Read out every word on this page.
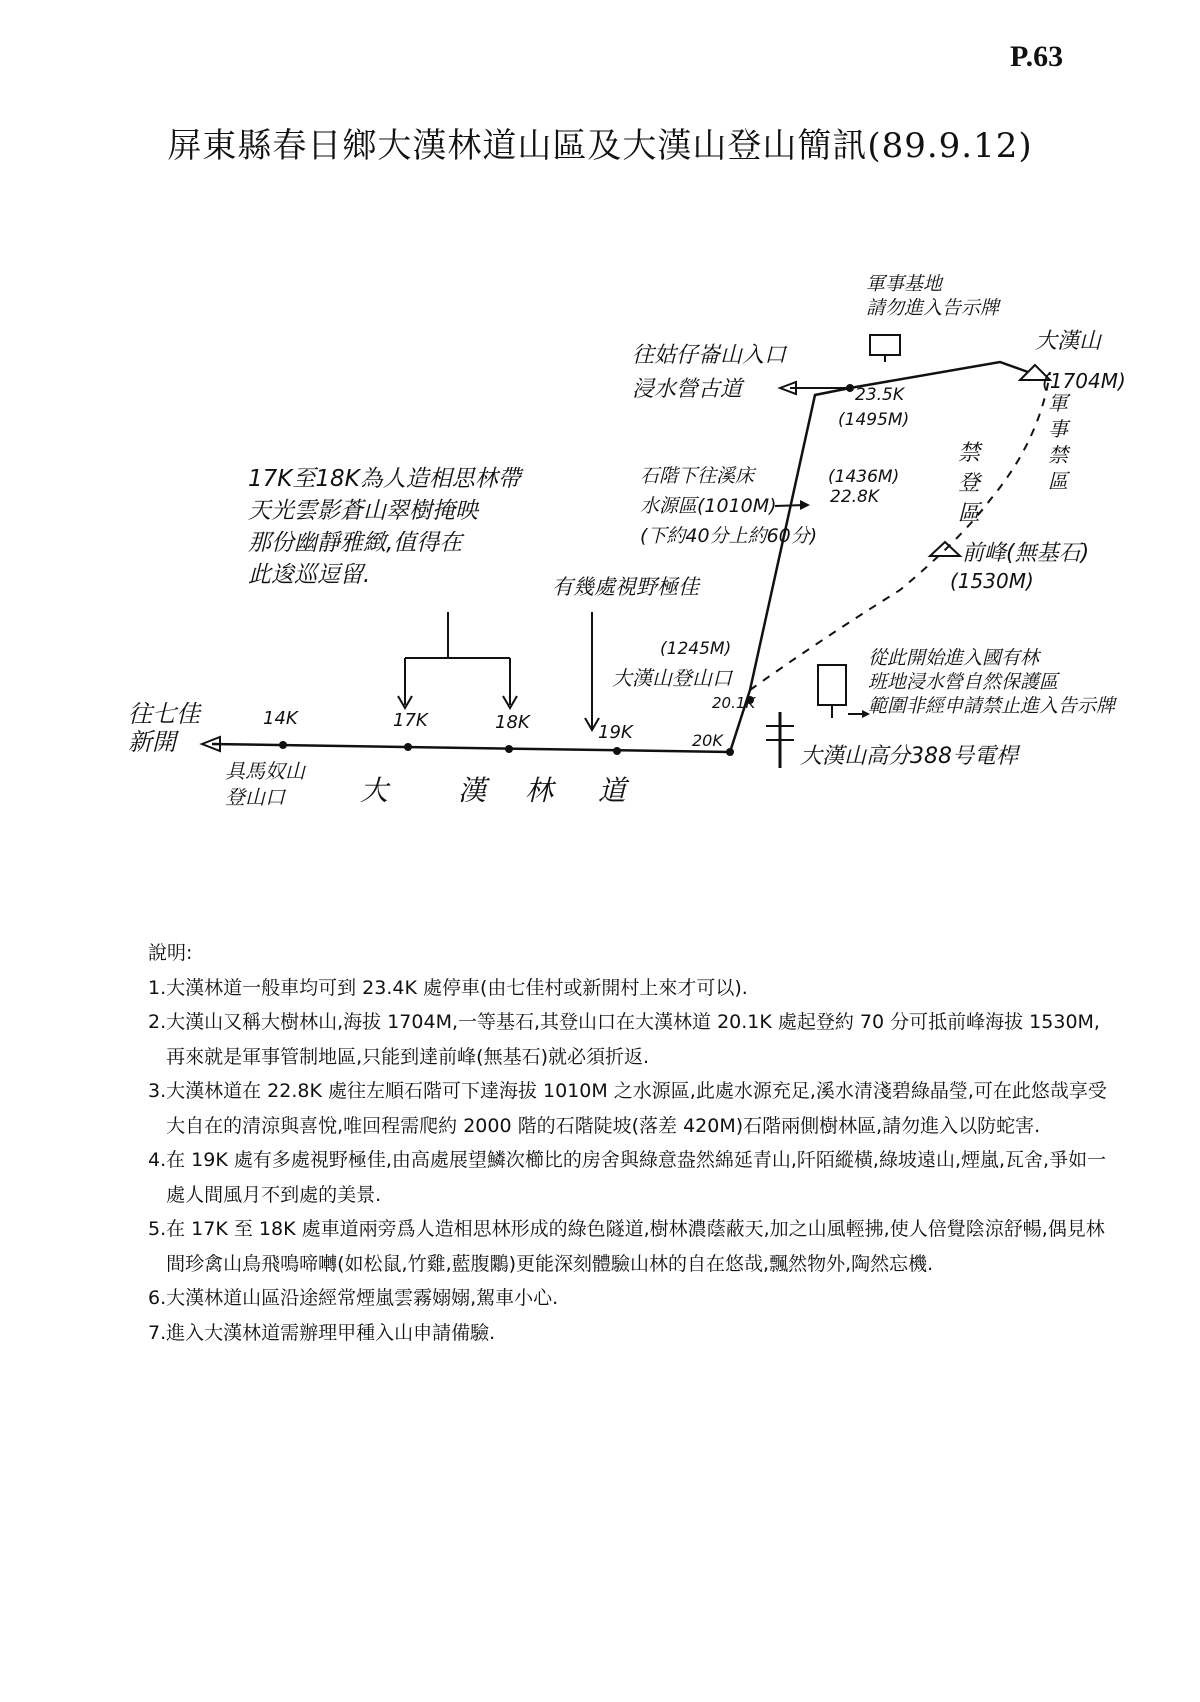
P.63
屏東縣春日鄉大漢林道山區及大漢山登山簡訊(89.9.12)
往七佳新開
14K	17K	18K	19K	20K
20.1K
22.8K
23.5K
大 漢 林 道
具馬奴山登山口
大漢山登山口
(1245M)
(1436M)
(1495M)
石階下往溪床水源區(1010M) (下約40分上約60分)
往姑仔崙山入口浸水營古道
軍事基地請勿進入告示牌
大漢山
(1704M)
前峰(無基石)
(1530M)
從此開始進入國有林班地浸水營自然保護區範圍非經申請禁止進入告示牌
大漢山高分388号電桿
17K至18K為人造相思林帶天光雲影蒼山翠樹掩映那份幽靜雅緻,值得在此逡巡逗留.	有幾處視野極佳
軍事禁區
禁登區
說明:
1. 大漢林道一般車均可到 23.4K 處停車(由七佳村或新開村上來才可以).
2. 大漢山又稱大樹林山,海拔 1704M,一等基石,其登山口在大漢林道 20.1K 處起登約 70 分可抵前峰海拔 1530M,再來就是軍事管制地區,只能到達前峰(無基石)就必須折返.
3. 大漢林道在 22.8K 處往左順石階可下達海拔 1010M 之水源區,此處水源充足,溪水清淺碧綠晶瑩,可在此悠哉享受大自在的清涼與喜悅,唯回程需爬約 2000 階的石階陡坡(落差 420M)石階兩側樹林區,請勿進入以防蛇害.
4. 在 19K 處有多處視野極佳,由高處展望鱗次櫛比的房舍與綠意盎然綿延青山,阡陌縱橫,綠坡遠山,煙嵐,瓦舍,爭如一處人間風月不到處的美景.
5. 在 17K 至 18K 處車道兩旁爲人造相思林形成的綠色隧道,樹林濃蔭蔽天,加之山風輕拂,使人倍覺陰涼舒暢,偶見林間珍禽山鳥飛鳴啼囀(如松鼠,竹雞,藍腹鷴)更能深刻體驗山林的自在悠哉,飄然物外,陶然忘機.
6. 大漢林道山區沿途經常煙嵐雲霧嫋嫋,駕車小心.
7. 進入大漢林道需辦理甲種入山申請備驗.
